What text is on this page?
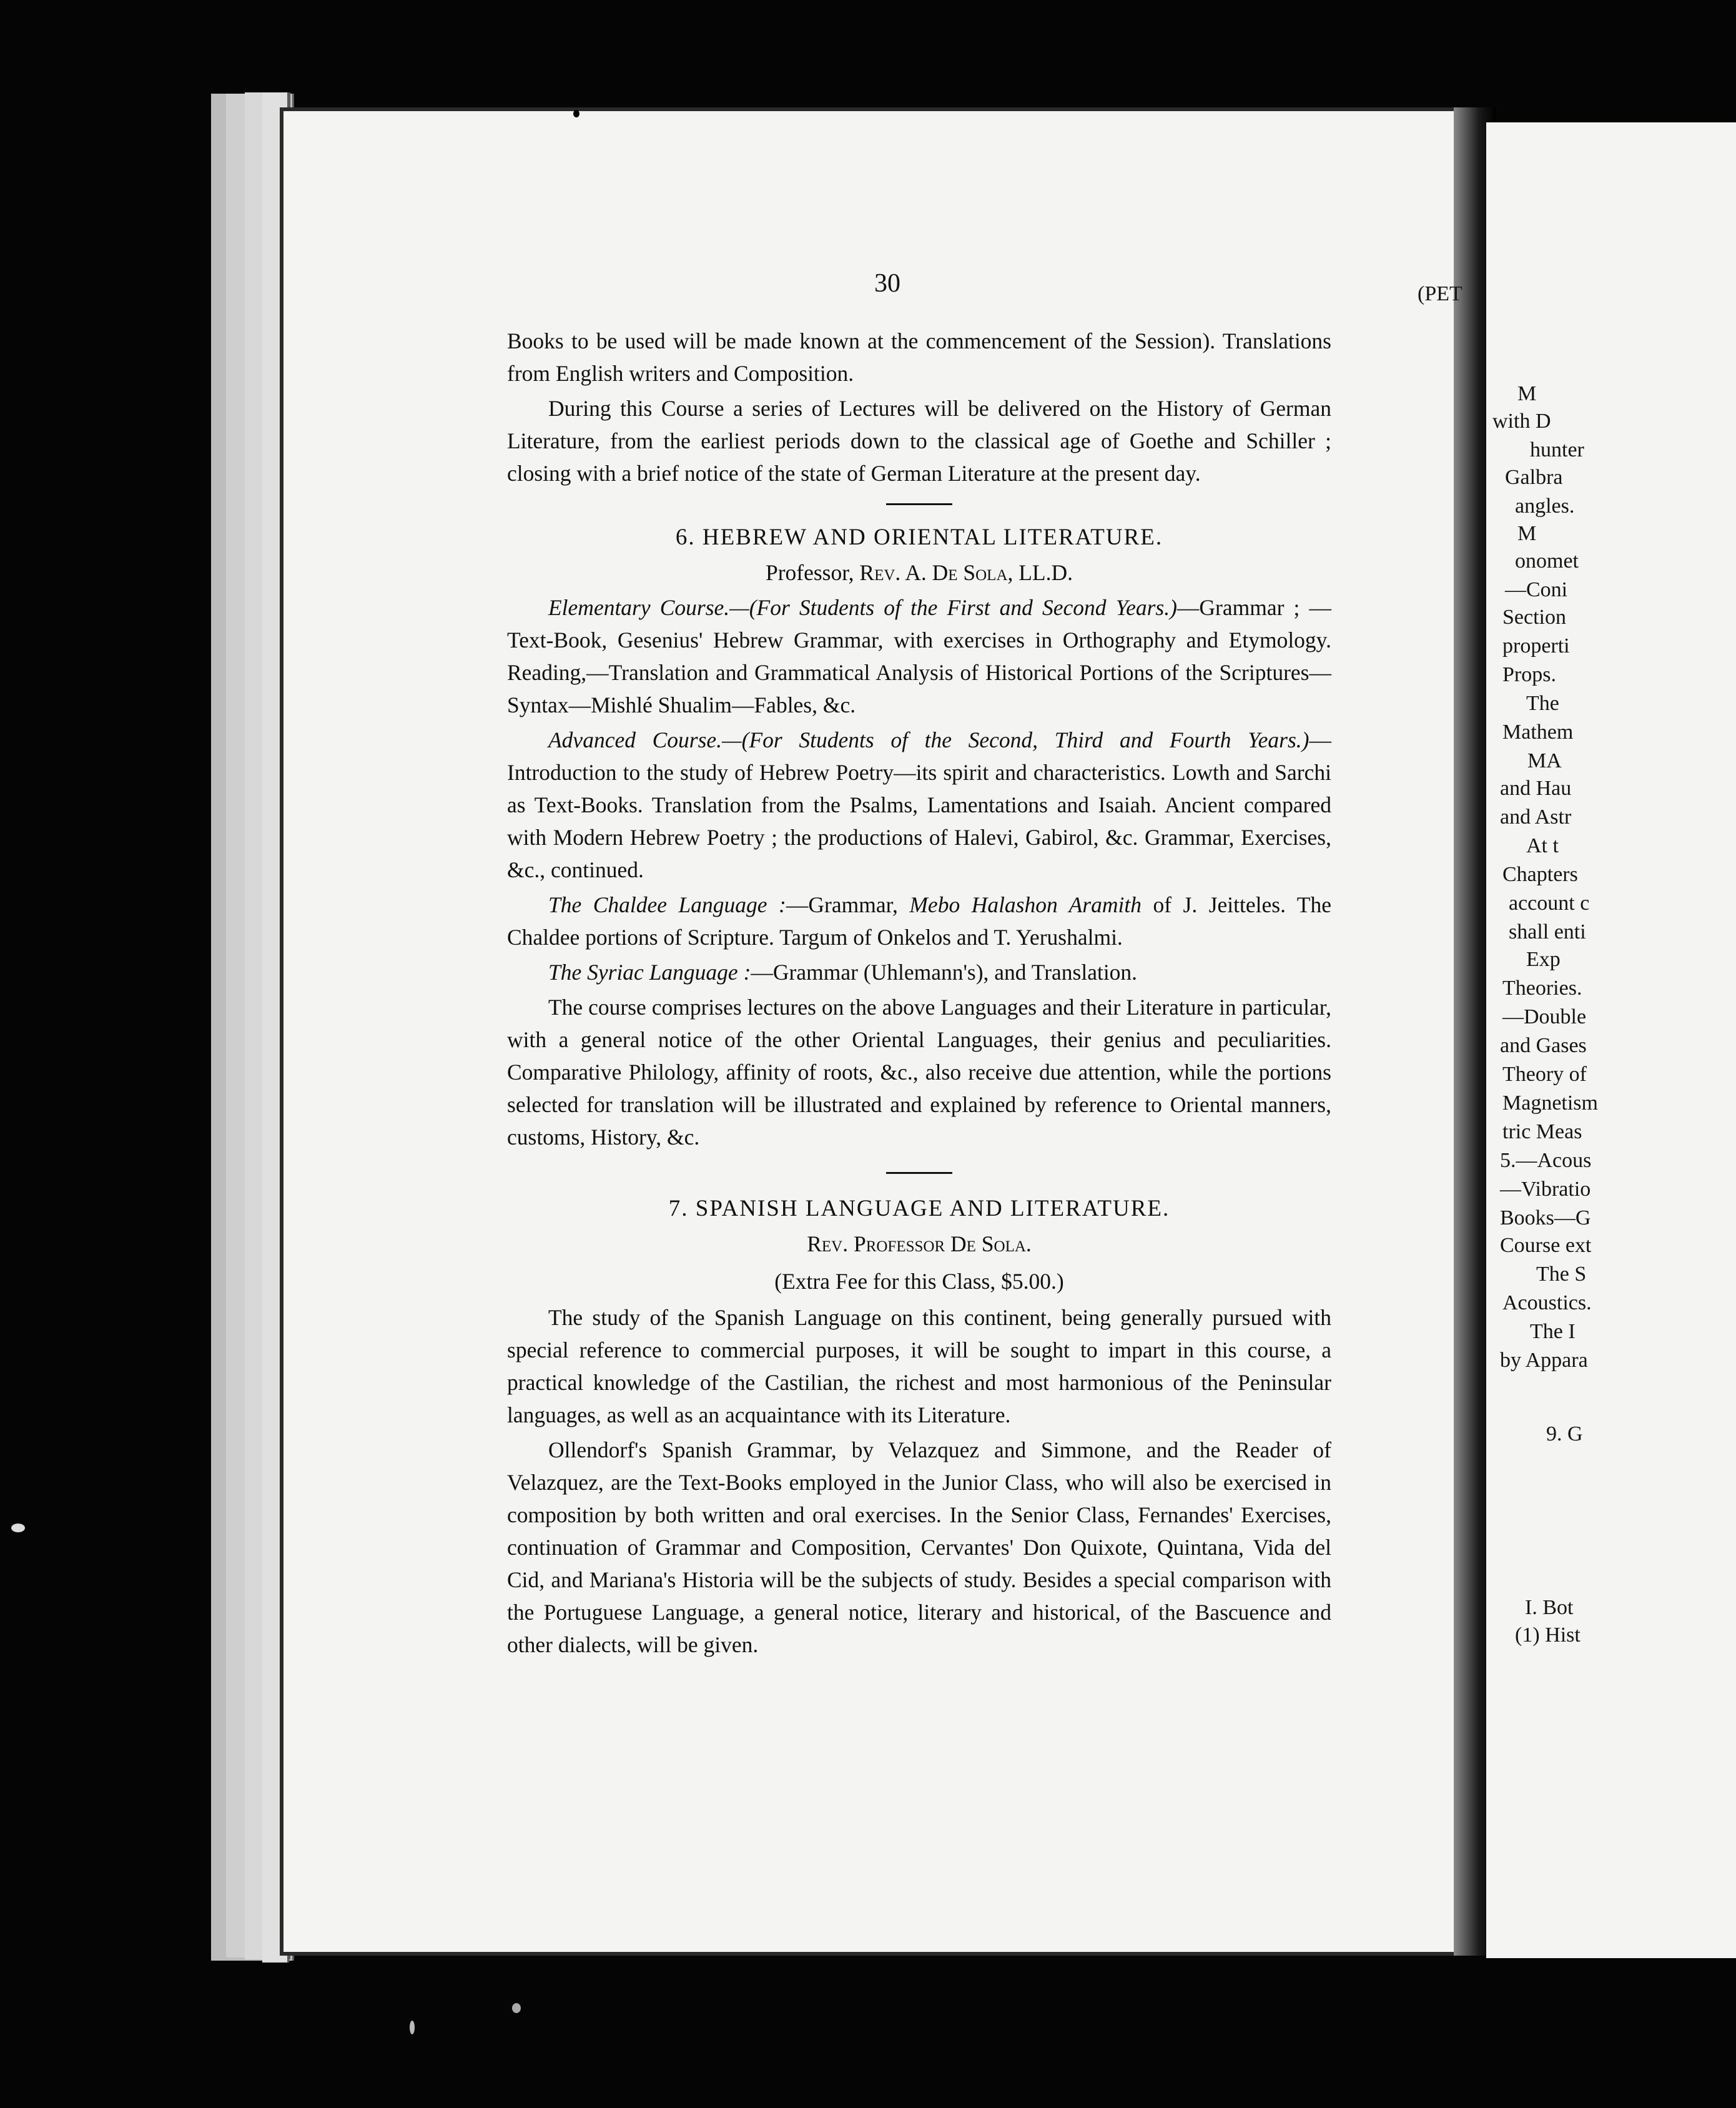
(PET
M
with D
hunter
Galbra
angles.
M
onomet
—Coni
Section
properti
Props.
The
Mathem
MA
and Hau
and Astr
At t
Chapters
account c
shall enti
Exp
Theories.
—Double
and Gases
Theory of
Magnetism
tric Meas
5.—Acous
—Vibratio
Books—G
Course ext
The S
Acoustics.
The I
by Appara
9. G
I. Bot
(1) Hist
30

Books to be used will be made known at the commencement of the Session). Translations from English writers and Composition.

During this Course a series of Lectures will be delivered on the History of German Literature, from the earliest periods down to the classical age of Goethe and Schiller ; closing with a brief notice of the state of German Literature at the present day.

6. HEBREW AND ORIENTAL LITERATURE.
Professor, Rev. A. De Sola, LL.D.

Elementary Course.—(For Students of the First and Second Years.)—Grammar ; —Text-Book, Gesenius' Hebrew Grammar, with exercises in Orthography and Etymology. Reading,—Translation and Grammatical Analysis of Historical Portions of the Scriptures—Syntax—Mishlé Shualim—Fables, &c.

Advanced Course.—(For Students of the Second, Third and Fourth Years.)— Introduction to the study of Hebrew Poetry—its spirit and characteristics. Lowth and Sarchi as Text-Books. Translation from the Psalms, Lamentations and Isaiah. Ancient compared with Modern Hebrew Poetry ; the productions of Halevi, Gabirol, &c. Grammar, Exercises, &c., continued.

The Chaldee Language :—Grammar, Mebo Halashon Aramith of J. Jeitteles. The Chaldee portions of Scripture. Targum of Onkelos and T. Yerushalmi.

The Syriac Language :—Grammar (Uhlemann's), and Translation.

The course comprises lectures on the above Languages and their Literature in particular, with a general notice of the other Oriental Languages, their genius and peculiarities. Comparative Philology, affinity of roots, &c., also receive due attention, while the portions selected for translation will be illustrated and explained by reference to Oriental manners, customs, History, &c.

7. SPANISH LANGUAGE AND LITERATURE.
Rev. Professor De Sola.
(Extra Fee for this Class, $5.00.)

The study of the Spanish Language on this continent, being generally pursued with special reference to commercial purposes, it will be sought to impart in this course, a practical knowledge of the Castilian, the richest and most harmonious of the Peninsular languages, as well as an acquaintance with its Literature.

Ollendorf's Spanish Grammar, by Velazquez and Simmone, and the Reader of Velazquez, are the Text-Books employed in the Junior Class, who will also be exercised in composition by both written and oral exercises. In the Senior Class, Fernandes' Exercises, continuation of Grammar and Composition, Cervantes' Don Quixote, Quintana, Vida del Cid, and Mariana's Historia will be the subjects of study. Besides a special comparison with the Portuguese Language, a general notice, literary and historical, of the Bascuence and other dialects, will be given.
